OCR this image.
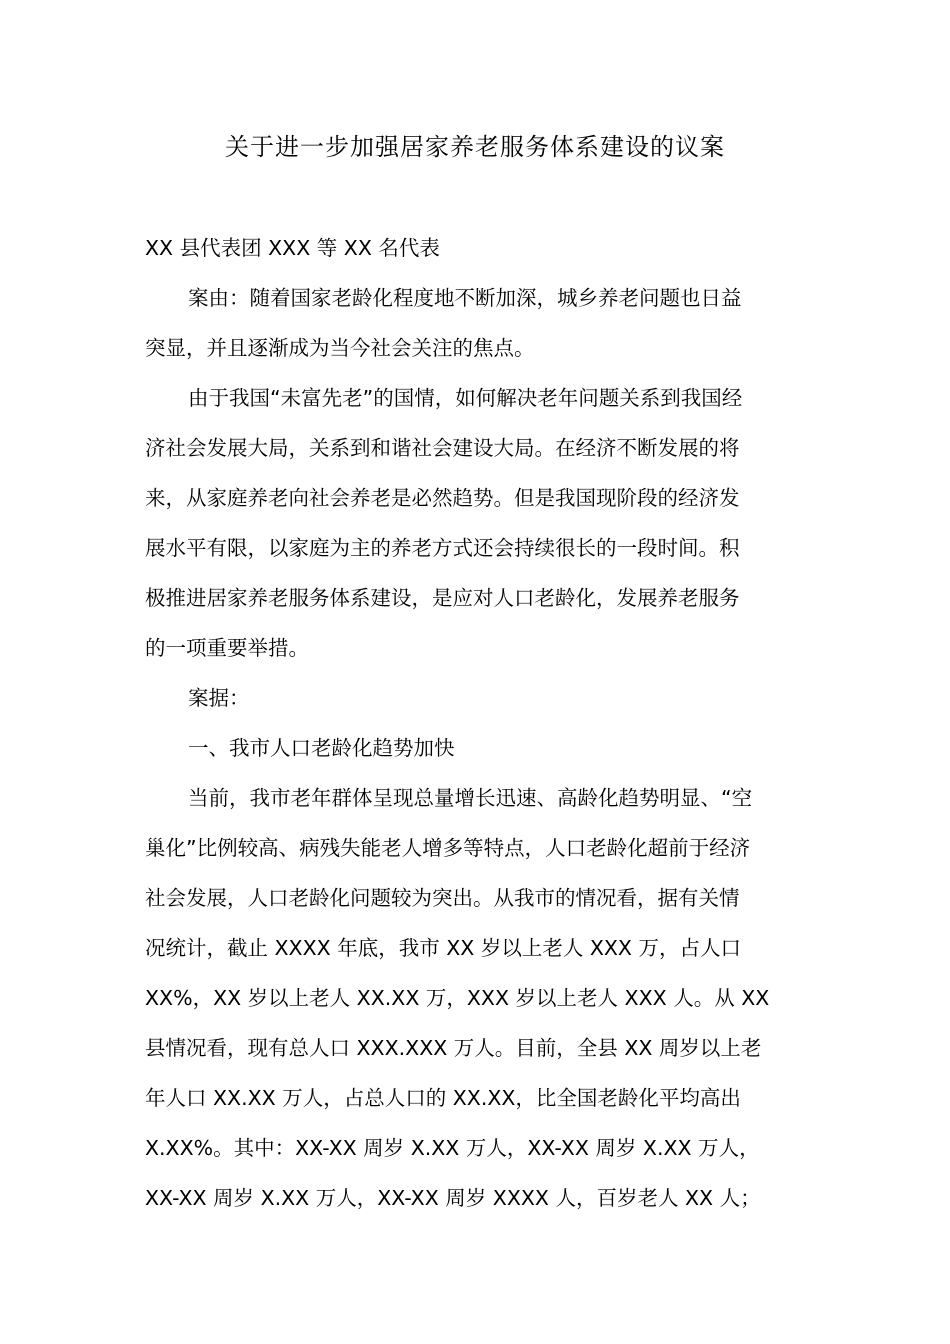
关于进一步加强居家养老服务体系建设的议案
XX 县代表团 XXX 等 XX 名代表
案由：随着国家老龄化程度地不断加深，城乡养老问题也日益
突显，并且逐渐成为当今社会关注的焦点。
由于我国“未富先老”的国情，如何解决老年问题关系到我国经
济社会发展大局，关系到和谐社会建设大局。在经济不断发展的将
来，从家庭养老向社会养老是必然趋势。但是我国现阶段的经济发
展水平有限，以家庭为主的养老方式还会持续很长的一段时间。积
极推进居家养老服务体系建设，是应对人口老龄化，发展养老服务
的一项重要举措。
案据：
一、我市人口老龄化趋势加快
当前，我市老年群体呈现总量增长迅速、高龄化趋势明显、“空
巢化”比例较高、病残失能老人增多等特点，人口老龄化超前于经济
社会发展，人口老龄化问题较为突出。从我市的情况看，据有关情
况统计，截止 XXXX 年底，我市 XX 岁以上老人 XXX 万，占人口
XX%，XX 岁以上老人 XX.XX 万，XXX 岁以上老人 XXX 人。从 XX
县情况看，现有总人口 XXX.XXX 万人。目前，全县 XX 周岁以上老
年人口 XX.XX 万人，占总人口的 XX.XX，比全国老龄化平均高出
X.XX%。其中：XX-XX 周岁 X.XX 万人，XX-XX 周岁 X.XX 万人，
XX-XX 周岁 X.XX 万人，XX-XX 周岁 XXXX 人，百岁老人 XX 人；
